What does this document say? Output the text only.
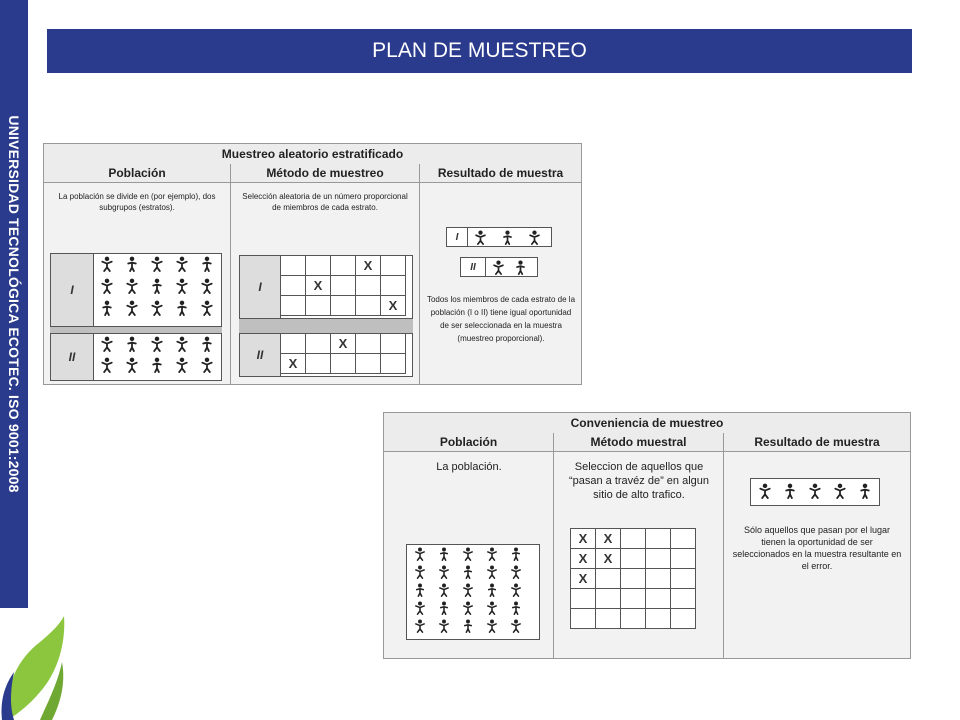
UNIVERSIDAD TECNOLÓGICA ECOTEC. ISO 9001:2008
PLAN DE MUESTREO
Muestreo aleatorio estratificado
Población	Método de muestreo	Resultado de muestra
La población se divide en (por ejemplo), dos subgrupos (estratos).
I
II
Selección aleatoria de un número proporcional de miembros de cada estrato.
I
			X	
	X			
				X
II
		X		
X				
I
II
Todos los miembros de cada estrato de la población (I o II) tiene igual oportunidad de ser seleccionada en la muestra (muestreo proporcional).
Conveniencia de muestreo
Población	Método muestral	Resultado de muestra
La población.	Seleccion de aquellos que “pasan a travéz de” en algun sitio de alto trafico.
X	X			
X	X			
X				

Sólo aquellos que pasan por el lugar tienen la oportunidad de ser seleccionados en la muestra resultante en el error.
